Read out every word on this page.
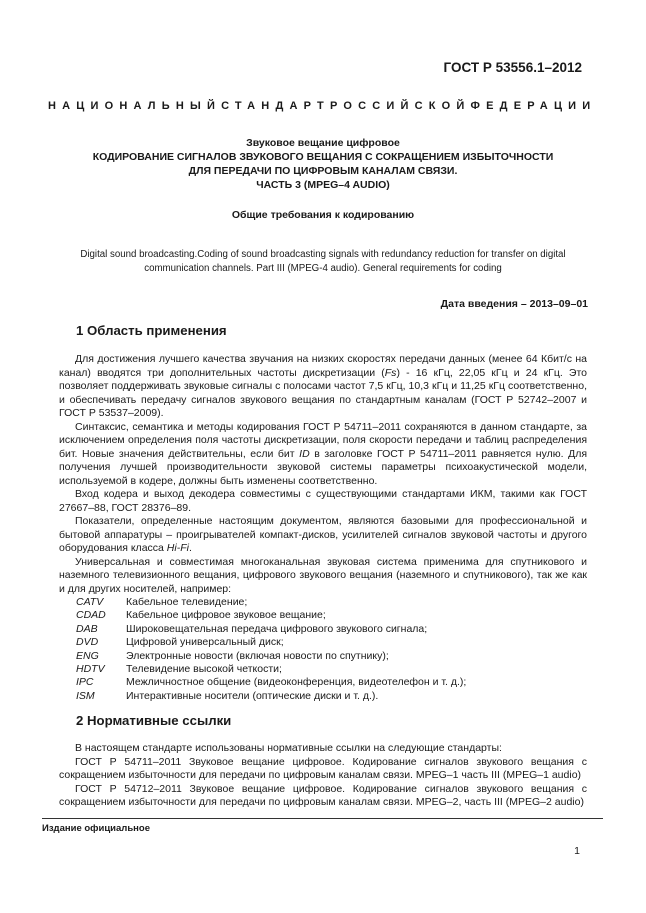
ГОСТ Р 53556.1–2012
НАЦИОНАЛЬНЫЙ СТАНДАРТ РОССИЙСКОЙ ФЕДЕРАЦИИ
Звуковое вещание цифровое
КОДИРОВАНИЕ СИГНАЛОВ ЗВУКОВОГО ВЕЩАНИЯ С СОКРАЩЕНИЕМ ИЗБЫТОЧНОСТИ
ДЛЯ ПЕРЕДАЧИ ПО ЦИФРОВЫМ КАНАЛАМ СВЯЗИ.
ЧАСТЬ 3 (MPEG–4 AUDIO)
Общие требования к кодированию
Digital sound broadcasting.Coding of sound broadcasting signals with redundancy reduction for transfer on digital
communication channels. Part III (MPEG-4 audio). General requirements for coding
Дата введения – 2013–09–01
1 Область применения

Для достижения лучшего качества звучания на низких скоростях передачи данных (менее 64 Кбит/с на канал) вводятся три дополнительных частоты дискретизации (Fs) - 16 кГц, 22,05 кГц и 24 кГц. Это позволяет поддерживать звуковые сигналы с полосами частот 7,5 кГц, 10,3 кГц и 11,25 кГц соответственно, и обеспечивать передачу сигналов звукового вещания по стандартным каналам (ГОСТ Р 52742–2007 и ГОСТ Р 53537–2009).

Синтаксис, семантика и методы кодирования ГОСТ Р 54711–2011 сохраняются в данном стандарте, за исключением определения поля частоты дискретизации, поля скорости передачи и таблиц распределения бит. Новые значения действительны, если бит ID в заголовке ГОСТ Р 54711–2011 равняется нулю. Для получения лучшей производительности звуковой системы параметры психоакустической модели, используемой в кодере, должны быть изменены соответственно.

Вход кодера и выход декодера совместимы с существующими стандартами ИКМ, такими как ГОСТ 27667–88, ГОСТ 28376–89.

Показатели, определенные настоящим документом, являются базовыми для профессиональной и бытовой аппаратуры – проигрывателей компакт-дисков, усилителей сигналов звуковой частоты и другого оборудования класса Hi-Fi.

Универсальная и совместимая многоканальная звуковая система применима для спутникового и наземного телевизионного вещания, цифрового звукового вещания (наземного и спутникового), так же как и для других носителей, например:

CATV	Кабельное телевидение;
CDAD	Кабельное цифровое звуковое вещание;
DAB	Широковещательная передача цифрового звукового сигнала;
DVD	Цифровой универсальный диск;
ENG	Электронные новости (включая новости по спутнику);
HDTV	Телевидение высокой четкости;
IPC	Межличностное общение (видеоконференция, видеотелефон и т. д.);
ISM	Интерактивные носители (оптические диски и т. д.).
2 Нормативные ссылки

В настоящем стандарте использованы нормативные ссылки на следующие стандарты:

ГОСТ Р 54711–2011 Звуковое вещание цифровое. Кодирование сигналов звукового вещания с сокращением избыточности для передачи по цифровым каналам связи. MPEG–1 часть III (MPEG–1 audio)

ГОСТ Р 54712–2011 Звуковое вещание цифровое. Кодирование сигналов звукового вещания с сокращением избыточности для передачи по цифровым каналам связи. MPEG–2, часть III (MPEG–2 audio)

Издание официальное
1
